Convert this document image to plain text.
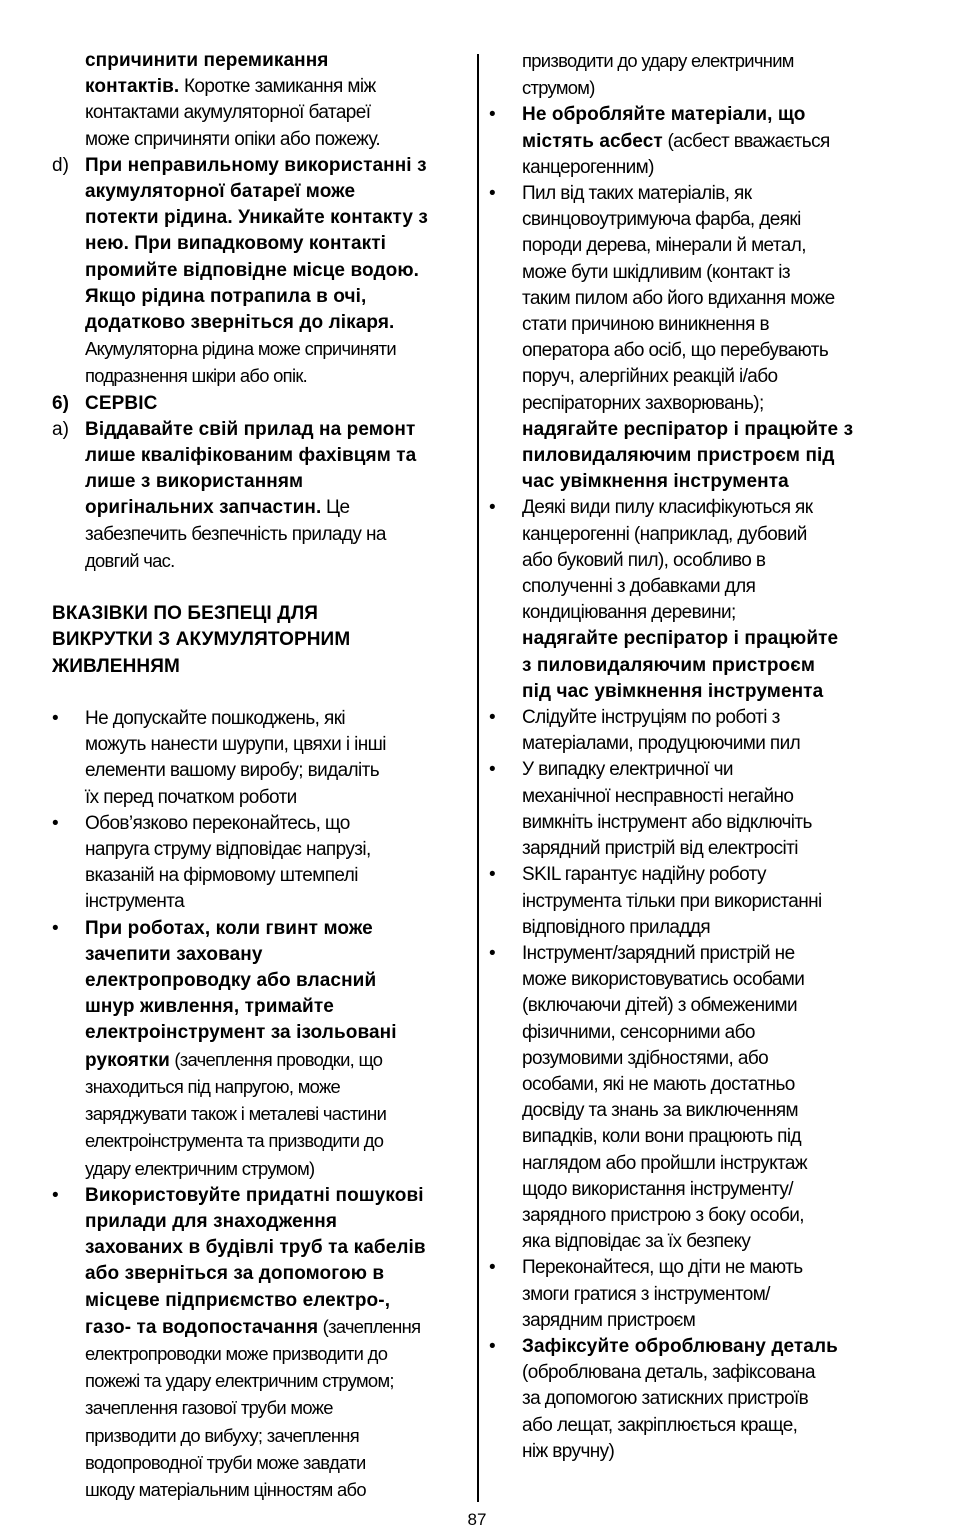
спричинити перемикання
контактів. Коротке замикання між
контактами акумуляторної батареї
може спричиняти опіки або пожежу.
d) При неправильному використанні з
акумуляторної батареї може
потекти рідина. Уникайте контакту з
нею. При випадковому контакті
промийте відповідне місце водою.
Якщо рідина потрапила в очі,
додатково зверніться до лікаря.
Акумуляторна рідина може спричиняти
подразнення шкіри або опік.
6) СЕРВІС
a) Віддавайте свій прилад на ремонт
лише кваліфікованим фахівцям та
лише з використанням
оригінальних запчастин. Це
забезпечить безпечність приладу на
довгий час.
ВКАЗІВКИ ПО БЕЗПЕЦІ ДЛЯ
ВИКРУТКИ З АКУМУЛЯТОРНИМ
ЖИВЛЕННЯМ
• Не допускайте пошкоджень, які
можуть нанести шурупи, цвяхи і інші
елементи вашому виробу; видаліть
їх перед початком роботи
• Обов’язково переконайтесь, що
напруга струму відповідає напрузі,
вказаній на фірмовому штемпелі
інструмента
• При роботах, коли гвинт може
зачепити заховану
електропроводку або власний
шнур живлення, тримайте
електроінструмент за ізольовані
рукоятки (зачеплення проводки, що
знаходиться під напругою, може
заряджувати також і металеві частини
електроінструмента та призводити до
удару електричним струмом)
• Використовуйте придатні пошукові
прилади для знаходження
захованих в будівлі труб та кабелів
або зверніться за допомогою в
місцеве підприємство електро-,
газо- та водопостачання (зачеплення
електропроводки може призводити до
пожежі та удару електричним струмом;
зачеплення газової труби може
призводити до вибуху; зачеплення
водопроводної труби може завдати
шкоду матеріальним цінностям або
призводити до удару електричним
струмом)
• Не обробляйте матеріали, що
містять асбест (асбест вважається
канцерогенним)
• Пил від таких матеріалів, як
свинцовоутримуюча фарба, деякі
породи дерева, мінерали й метал,
може бути шкідливим (контакт із
таким пилом або його вдихання може
стати причиною виникнення в
оператора або осіб, що перебувають
поруч, алергійних реакцій і/або
респіраторних захворювань);
надягайте респіратор і працюйте з
пиловидаляючим пристроєм під
час увімкнення інструмента
• Деякі види пилу класифікуються як
канцерогенні (наприклад, дубовий
або буковий пил), особливо в
сполученні з добавками для
кондиціювання деревини;
надягайте респіратор і працюйте
з пиловидаляючим пристроєм
під час увімкнення інструмента
• Слідуйте інструціям по роботі з
матеріалами, продуцюючими пил
• У випадку електричної чи
механічної несправності негайно
вимкніть інструмент або відключіть
зарядний пристрій від електросіті
• SKIL гарантує надійну роботу
інструмента тільки при використанні
відповідного приладдя
• Інструмент/зарядний пристрій не
може використовуватись особами
(включаючи дітей) з обмеженими
фізичними, сенсорними або
розумовими здібностями, або
особами, які не мають достатньо
досвіду та знань за виключенням
випадків, коли вони працюють під
наглядом або пройшли інструктаж
щодо використання інструменту/
зарядного пристрою з боку особи,
яка відповідає за їх безпеку
• Переконайтеся, що діти не мають
змоги гратися з інструментом/
зарядним пристроєм
• Зафіксуйте оброблювану деталь
(оброблювана деталь, зафіксована
за допомогою затискних пристроїв
або лещат, закріплюється краще,
ніж вручну)
87
